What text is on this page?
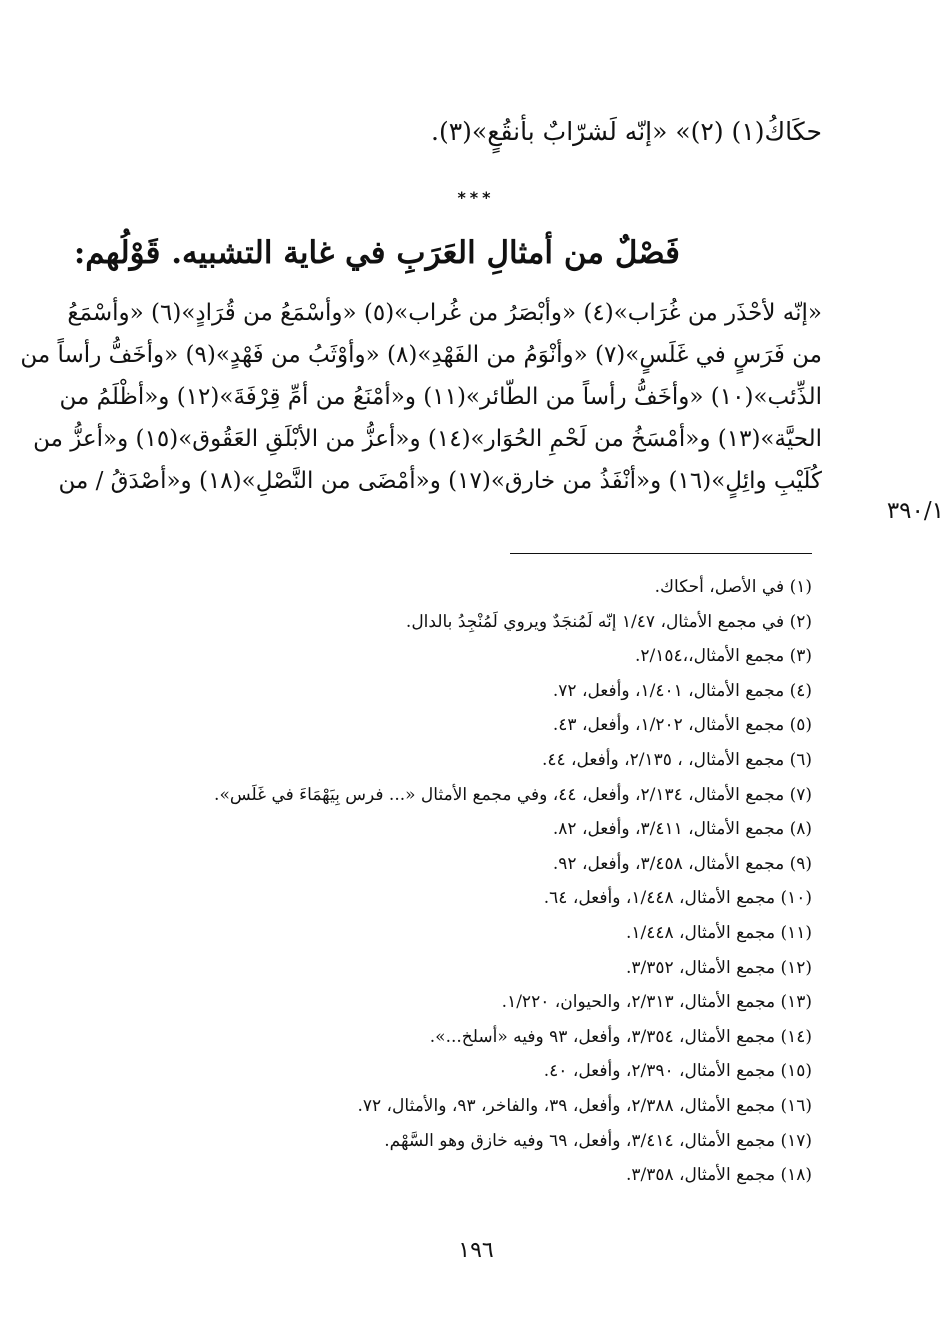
حكَاكُ(١) (٢)» «إنّه لَشرّابٌ بأنقُعٍ»(٣).
***
فَصْلٌ من أمثالِ العَرَبِ في غاية التشبيه. قَوْلُهم:
«إنّه لأحْذَر من غُرَاب»(٤) «وأبْصَرُ من غُراب»(٥) «وأسْمَعُ من قُرَادٍ»(٦) «وأسْمَعُ
من فَرَسٍ في غَلَسٍ»(٧) «وأنْوَمُ من الفَهْدِ»(٨) «وأوْثَبُ من فَهْدٍ»(٩) «وأخَفُّ رأساً من
الذِّئب»(١٠) «وأخَفُّ رأساً من الطّائر»(١١) و«أمْنَعُ من أمِّ قِرْفَةَ»(١٢) و«أظْلَمُ من
الحيَّة»(١٣) و«أمْسَخُ من لَحْمِ الحُوَار»(١٤) و«أعزُّ من الأبْلَقِ العَقُوق»(١٥) و«أعزُّ من
كُلَيْبِ وائِلٍ»(١٦) و«أنْفَذُ من خارق»(١٧) و«أمْضَى من النَّصْلِ»(١٨) و«أصْدَقُ / من
٣٩٠/١
(١) في الأصل، أحكاك.
(٢) في مجمع الأمثال، ١/٤٧ إنّه لَمُنجَدٌ ويروي لَمُنْجِدُ بالدال.
(٣) مجمع الأمثال،،٢/١٥٤.
(٤) مجمع الأمثال، ١/٤٠١، وأفعل، ٧٢.
(٥) مجمع الأمثال، ١/٢٠٢، وأفعل، ٤٣.
(٦) مجمع الأمثال، ، ٢/١٣٥، وأفعل، ٤٤.
(٧) مجمع الأمثال، ٢/١٣٤، وأفعل، ٤٤، وفي مجمع الأمثال «... فرس بِيَهْمَاءَ في غَلَس».
(٨) مجمع الأمثال، ٣/٤١١، وأفعل، ٨٢.
(٩) مجمع الأمثال، ٣/٤٥٨، وأفعل، ٩٢.
(١٠) مجمع الأمثال، ١/٤٤٨، وأفعل، ٦٤.
(١١) مجمع الأمثال، ١/٤٤٨.
(١٢) مجمع الأمثال، ٣/٣٥٢.
(١٣) مجمع الأمثال، ٢/٣١٣، والحيوان، ١/٢٢٠.
(١٤) مجمع الأمثال، ٣/٣٥٤، وأفعل، ٩٣ وفيه «أسلخ...».
(١٥) مجمع الأمثال، ٢/٣٩٠، وأفعل، ٤٠.
(١٦) مجمع الأمثال، ٢/٣٨٨، وأفعل، ٣٩، والفاخر، ٩٣، والأمثال، ٧٢.
(١٧) مجمع الأمثال، ٣/٤١٤، وأفعل، ٦٩ وفيه خازق وهو السَّهْم.
(١٨) مجمع الأمثال، ٣/٣٥٨.
١٩٦
